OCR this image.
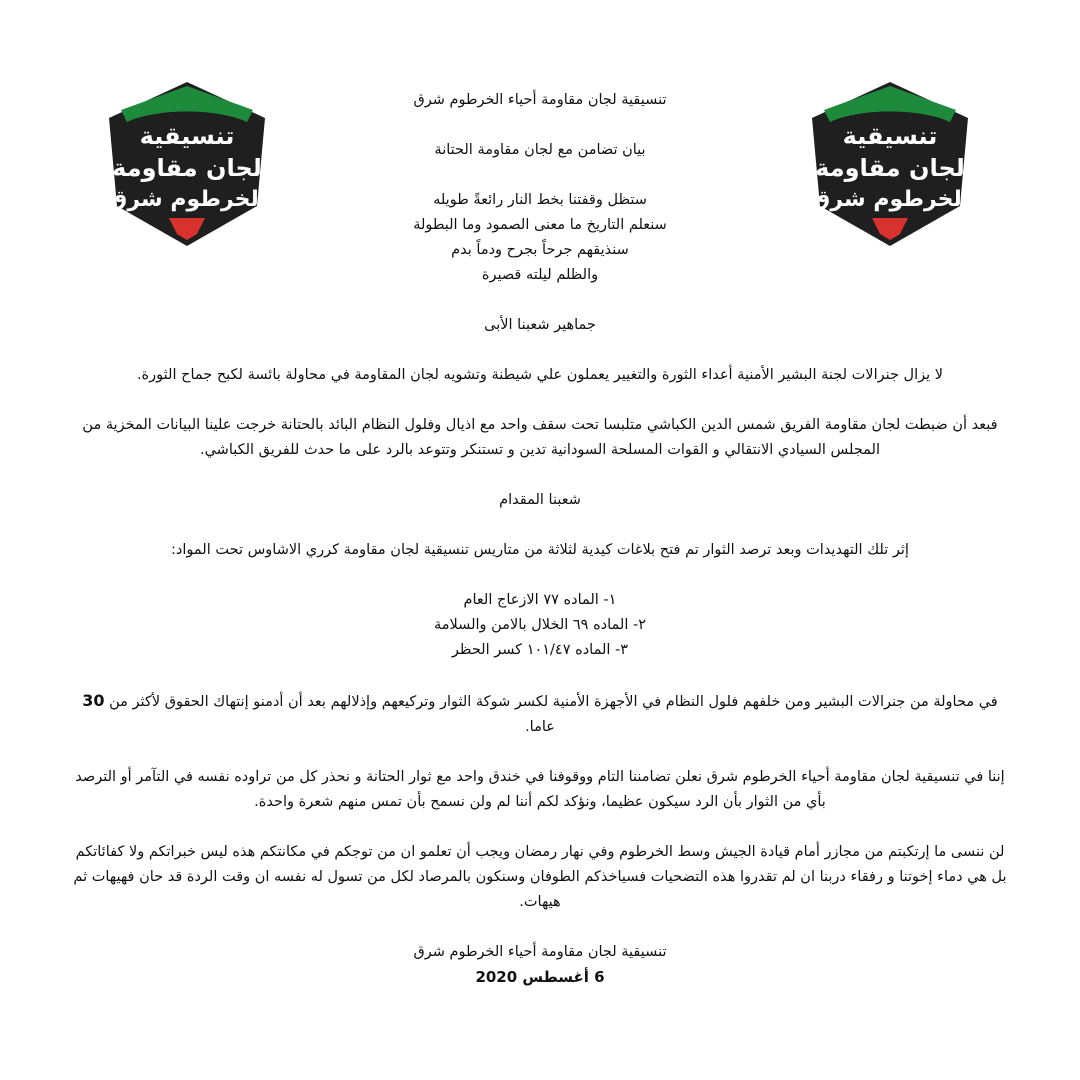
تنسيقية
لجان مقاومة
الخرطوم شرق
تنسيقية
لجان مقاومة
الخرطوم شرق
تنسيقية لجان مقاومة أحياء الخرطوم شرق
بيان تضامن مع لجان مقاومة الحتانة
ستظل وقفتنا بخط النار رائعةً طويله
سنعلم التاريخ ما معنى الصمود وما البطولة
سنذيقهم جرحاً بجرح ودماً بدم
والظلم ليلته قصيرة
جماهير شعبنا الأبى
لا يزال جنرالات لجنة البشير الأمنية أعداء الثورة والتغيير يعملون علي شيطنة وتشويه لجان المقاومة في محاولة بائسة لكبح جماح الثورة.
فبعد أن ضبطت لجان مقاومة الفريق شمس الدين الكباشي متلبسا تحت سقف واحد مع اذيال وفلول النظام البائد بالحتانة خرجت علينا البيانات المخزية من المجلس السيادي الانتقالي و القوات المسلحة السودانية تدين و تستنكر وتتوعد بالرد على ما حدث للفريق الكباشي.
شعبنا المقدام
إثر تلك التهديدات وبعد ترصد الثوار تم فتح بلاغات كيدية لثلاثة من متاريس تنسيقية لجان مقاومة كرري الاشاوس تحت المواد:
١- الماده ٧٧ الازعاج العام
٢- الماده ٦٩ الخلال بالامن والسلامة
٣- الماده ١٠١/٤٧ كسر الحظر
في محاولة من جنرالات البشير ومن خلفهم فلول النظام في الأجهزة الأمنية لكسر شوكة الثوار وتركيعهم وإذلالهم بعد أن أدمنو إنتهاك الحقوق لأكثر من 30 عاما.
إننا في تنسيقية لجان مقاومة أحياء الخرطوم شرق نعلن تضامننا التام ووقوفنا في خندق واحد مع ثوار الحتانة و نحذر كل من تراوده نفسه في التآمر أو الترصد بأي من الثوار بأن الرد سيكون عظيما، ونؤكد لكم أننا لم ولن نسمح بأن تمس منهم شعرة واحدة.
لن ننسى ما إرتكبتم من مجازر أمام قيادة الجيش وسط الخرطوم وفي نهار رمضان ويجب أن تعلمو ان من توجكم في مكانتكم هذه ليس خبراتكم ولا كفائاتكم بل هي دماء إخوتنا و رفقاء دربنا ان لم تقدروا هذه التضحيات فسياخذكم الطوفان وسنكون بالمرصاد لكل من تسول له نفسه ان وقت الردة قد حان فهيهات ثم هيهات.
تنسيقية لجان مقاومة أحياء الخرطوم شرق
6 أغسطس 2020
